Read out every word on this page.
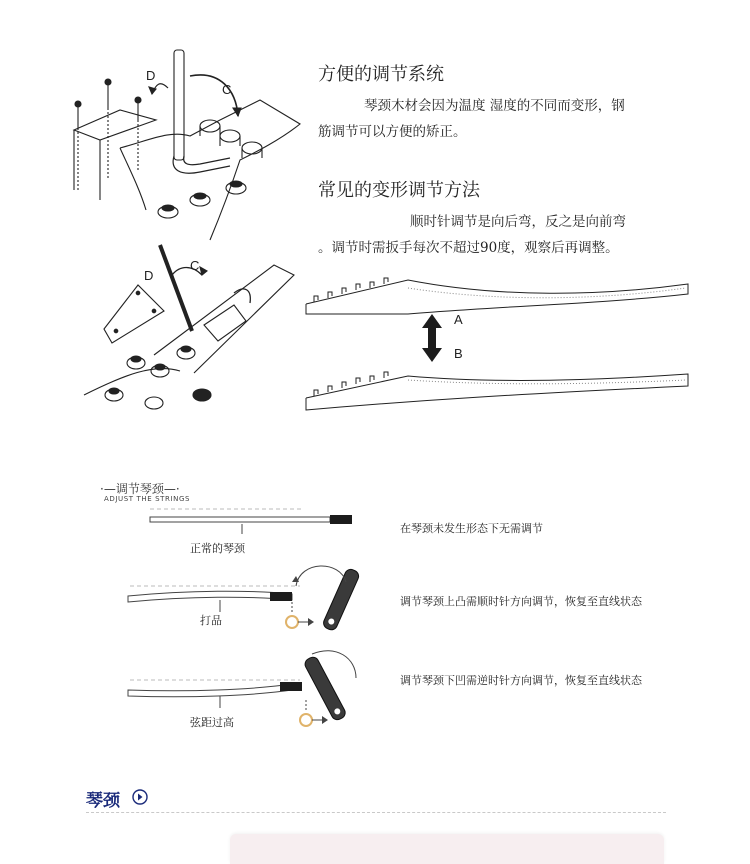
D
C
D
C
方便的调节系统
琴颈木材会因为温度 湿度的不同而变形，钢
筋调节可以方便的矫正。
常见的变形调节方法
顺时针调节是向后弯，反之是向前弯
。调节时需扳手每次不超过90度，观察后再调整。
A
B
·—调节琴颈—·
ADJUST THE STRINGS
正常的琴颈
在琴颈未发生形态下无需调节
打品
调节琴颈上凸需顺时针方向调节，恢复至直线状态
弦距过高
调节琴颈下凹需逆时针方向调节，恢复至直线状态
琴颈
